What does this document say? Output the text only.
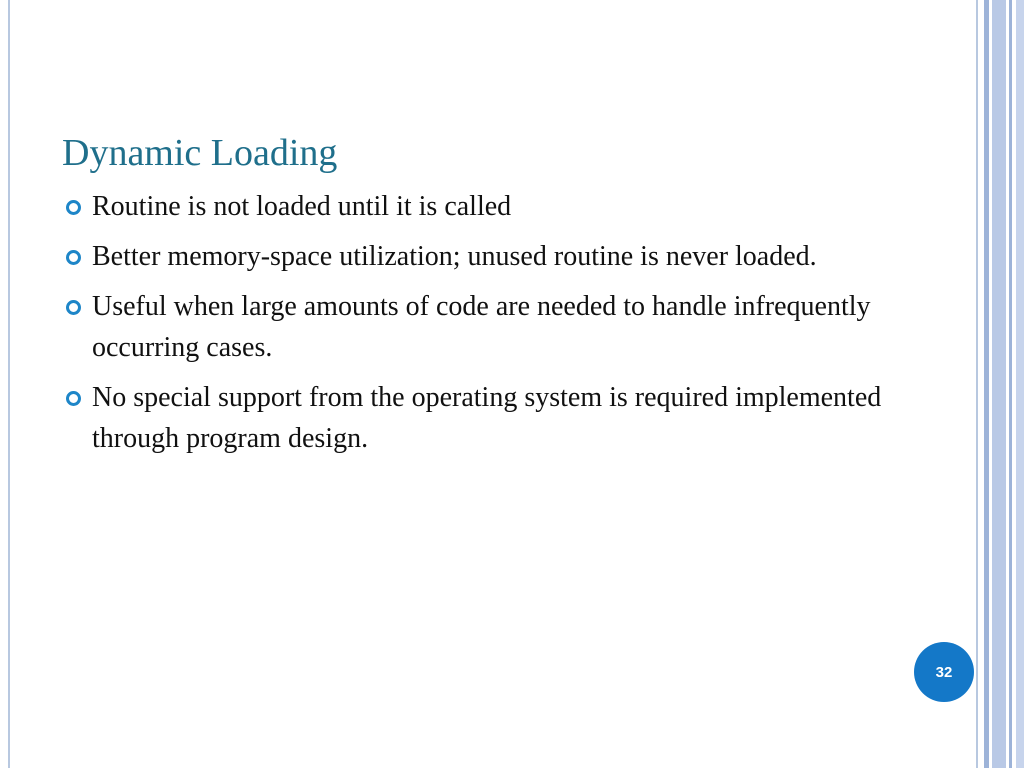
Dynamic Loading
Routine is not loaded until it is called
Better memory-space utilization; unused routine is never loaded.
Useful when large amounts of code are needed to handle infrequently occurring cases.
No special support from the operating system is required implemented through program design.
32
